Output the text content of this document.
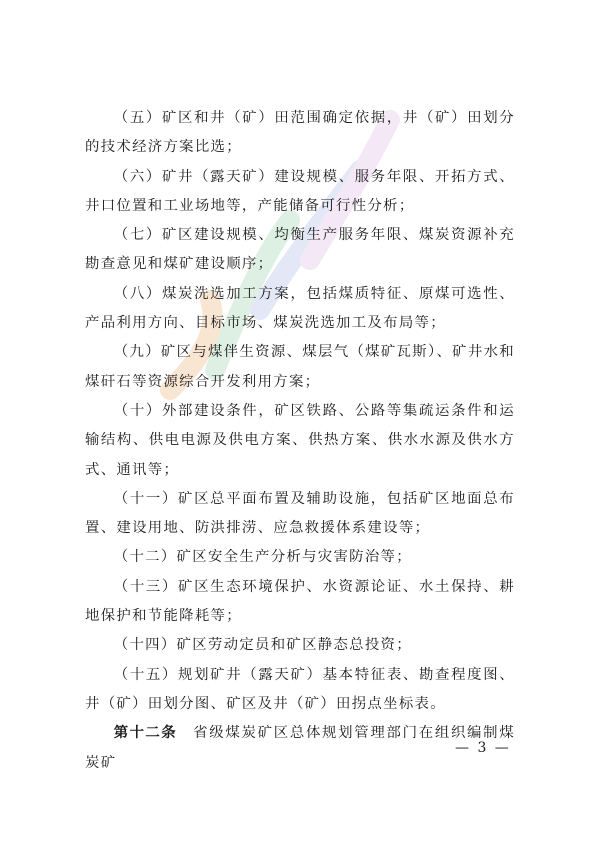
（五）矿区和井（矿）田范围确定依据，井（矿）田划分的技术经济方案比选；

（六）矿井（露天矿）建设规模、服务年限、开拓方式、井口位置和工业场地等，产能储备可行性分析；

（七）矿区建设规模、均衡生产服务年限、煤炭资源补充勘查意见和煤矿建设顺序；

（八）煤炭洗选加工方案，包括煤质特征、原煤可选性、产品利用方向、目标市场、煤炭洗选加工及布局等；

（九）矿区与煤伴生资源、煤层气（煤矿瓦斯）、矿井水和煤矸石等资源综合开发利用方案；

（十）外部建设条件，矿区铁路、公路等集疏运条件和运输结构、供电电源及供电方案、供热方案、供水水源及供水方式、通讯等；

（十一）矿区总平面布置及辅助设施，包括矿区地面总布置、建设用地、防洪排涝、应急救援体系建设等；

（十二）矿区安全生产分析与灾害防治等；

（十三）矿区生态环境保护、水资源论证、水土保持、耕地保护和节能降耗等；

（十四）矿区劳动定员和矿区静态总投资；

（十五）规划矿井（露天矿）基本特征表、勘查程度图、井（矿）田划分图、矿区及井（矿）田拐点坐标表。

第十二条  省级煤炭矿区总体规划管理部门在组织编制煤炭矿

— 3 —
